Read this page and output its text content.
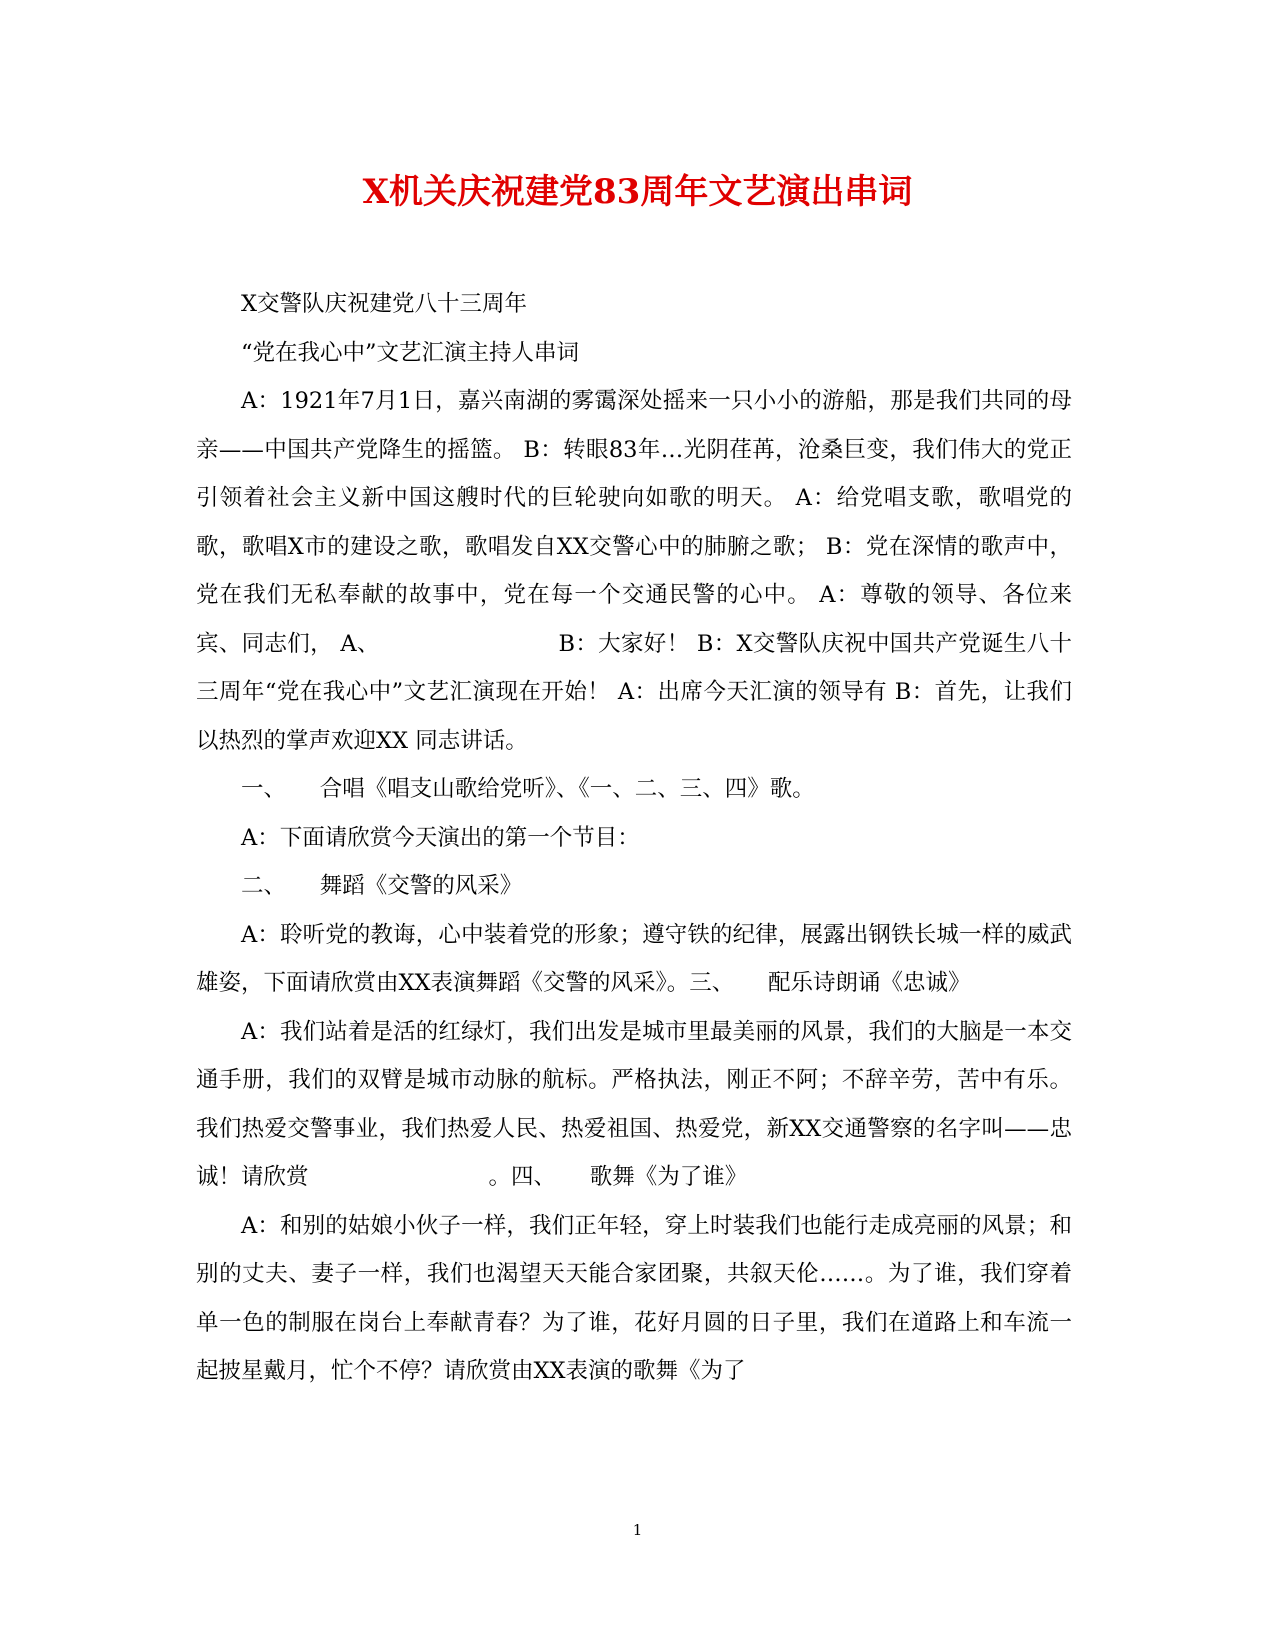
X机关庆祝建党83周年文艺演出串词

X交警队庆祝建党八十三周年

“党在我心中”文艺汇演主持人串词

A：1921年7月1日，嘉兴南湖的雾霭深处摇来一只小小的游船，那是我们共同的母亲——中国共产党降生的摇篮。 B：转眼83年…光阴荏苒，沧桑巨变，我们伟大的党正引领着社会主义新中国这艘时代的巨轮驶向如歌的明天。 A：给党唱支歌，歌唱党的歌，歌唱X市的建设之歌，歌唱发自XX交警心中的肺腑之歌； B：党在深情的歌声中，党在我们无私奉献的故事中，党在每一个交通民警的心中。 A：尊敬的领导、各位来宾、同志们， A、　　　　　　　　 B：大家好！ B：X交警队庆祝中国共产党诞生八十三周年“党在我心中”文艺汇演现在开始！ A：出席今天汇演的领导有 B：首先，让我们以热烈的掌声欢迎XX 同志讲话。

一、　　合唱《唱支山歌给党听》、《一、二、三、四》歌。

A：下面请欣赏今天演出的第一个节目：

二、　　舞蹈《交警的风采》

A：聆听党的教诲，心中装着党的形象；遵守铁的纪律，展露出钢铁长城一样的威武雄姿，下面请欣赏由XX表演舞蹈《交警的风采》。三、　　配乐诗朗诵《忠诚》

A：我们站着是活的红绿灯，我们出发是城市里最美丽的风景，我们的大脑是一本交通手册，我们的双臂是城市动脉的航标。严格执法，刚正不阿；不辞辛劳，苦中有乐。我们热爱交警事业，我们热爱人民、热爱祖国、热爱党，新XX交通警察的名字叫——忠诚！请欣赏　　　　　　　　。四、　　歌舞《为了谁》

A：和别的姑娘小伙子一样，我们正年轻，穿上时装我们也能行走成亮丽的风景；和别的丈夫、妻子一样，我们也渴望天天能合家团聚，共叙天伦……。为了谁，我们穿着单一色的制服在岗台上奉献青春？为了谁，花好月圆的日子里，我们在道路上和车流一起披星戴月，忙个不停？请欣赏由XX表演的歌舞《为了

1
